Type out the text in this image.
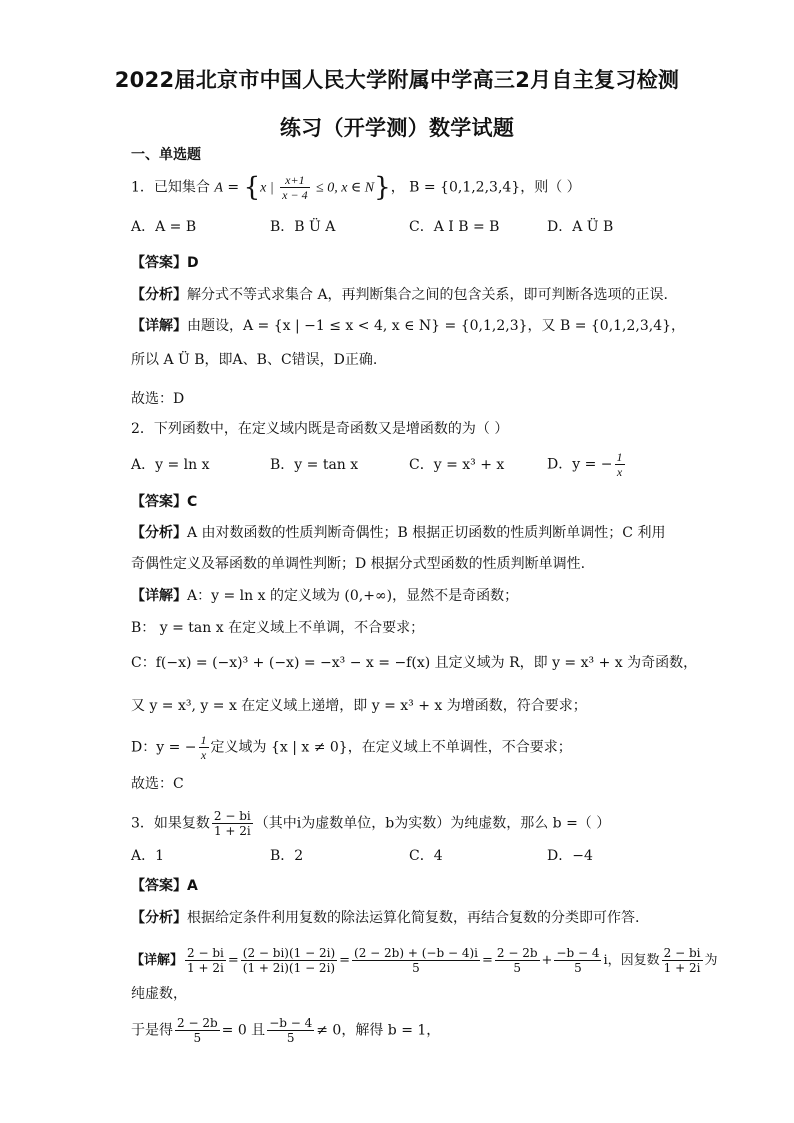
2022届北京市中国人民大学附属中学高三2月自主复习检测
练习（开学测）数学试题
一、单选题
1．已知集合 A = {x | $\frac{x+1}{x - 4} \le 0$, x ∈ N}， B = {0,1,2,3,4}，则（ ）
A．A = B	B．B Ü A	C．A I B = B	D．A Ü B
【答案】D
【分析】解分式不等式求集合 A，再判断集合之间的包含关系，即可判断各选项的正误.
【详解】由题设，A = {x | −1 ≤ x < 4, x ∈ N} = {0,1,2,3}，又 B = {0,1,2,3,4}，
所以 A Ü B，即A、B、C错误，D正确.
故选：D
2．下列函数中，在定义域内既是奇函数又是增函数的为（ ）
A．y = ln x	B．y = tan x	C．y = x³ + x	D．y = − $\frac{1}{x}$
【答案】C
【分析】A 由对数函数的性质判断奇偶性；B 根据正切函数的性质判断单调性；C 利用
奇偶性定义及幂函数的单调性判断；D 根据分式型函数的性质判断单调性.
【详解】A：y = ln x 的定义域为 (0,+∞)，显然不是奇函数；
B： y = tan x 在定义域上不单调，不合要求；
C：f(−x) = (−x)³ + (−x) = −x³ − x = −f(x) 且定义域为 R，即 y = x³ + x 为奇函数，
又 y = x³, y = x 在定义域上递增，即 y = x³ + x 为增函数，符合要求；
D：y = − $\frac{1}{x}$ 定义域为 {x | x ≠ 0}，在定义域上不单调性，不合要求；
故选：C
3．如果复数 $\frac{2 - bi}{1 + 2i}$ （其中i为虚数单位，b为实数）为纯虚数，那么 b =（ ）
A．1	B．2	C．4	D．−4
【答案】A
【分析】根据给定条件利用复数的除法运算化简复数，再结合复数的分类即可作答.
【详解】 $\frac{2 - bi}{1 + 2i} = \frac{(2 - bi)(1 - 2i)}{(1 + 2i)(1 - 2i)} = \frac{(2 - 2b) + (-b - 4)i}{5} = \frac{2 - 2b}{5} + \frac{-b - 4}{5}$ i，因复数 $\frac{2 - bi}{1 + 2i}$ 为
纯虚数，
于是得 $\frac{2 - 2b}{5} = 0$ 且 $\frac{-b - 4}{5} \ne 0$，解得 b = 1，
